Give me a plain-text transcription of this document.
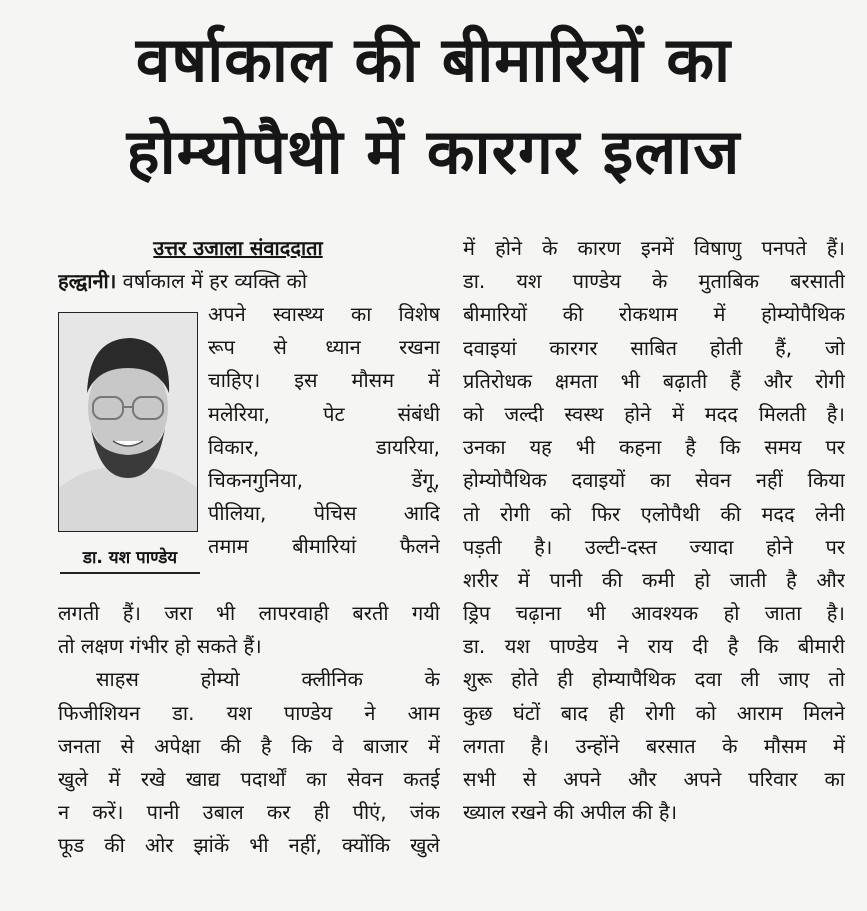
वर्षाकाल की बीमारियों का
होम्योपैथी में कारगर इलाज
उत्तर उजाला संवाददाता
हल्द्वानी। वर्षाकाल में हर व्यक्ति को
डा. यश पाण्डेय
अपने स्वास्थ्य का विशेष
रूप से ध्यान रखना
चाहिए। इस मौसम में
मलेरिया, पेट संबंधी
विकार, डायरिया,
चिकनगुनिया, डेंगू,
पीलिया, पेचिस आदि
तमाम बीमारियां फैलने
लगती हैं। जरा भी लापरवाही बरती गयी
तो लक्षण गंभीर हो सकते हैं।
साहस होम्यो क्लीनिक के
फिजीशियन डा. यश पाण्डेय ने आम
जनता से अपेक्षा की है कि वे बाजार में
खुले में रखे खाद्य पदार्थों का सेवन कतई
न करें। पानी उबाल कर ही पीएं, जंक
फूड की ओर झांकें भी नहीं, क्योंकि खुले
में होने के कारण इनमें विषाणु पनपते हैं।
डा. यश पाण्डेय के मुताबिक बरसाती
बीमारियों की रोकथाम में होम्योपैथिक
दवाइयां कारगर साबित होती हैं, जो
प्रतिरोधक क्षमता भी बढ़ाती हैं और रोगी
को जल्दी स्वस्थ होने में मदद मिलती है।
उनका यह भी कहना है कि समय पर
होम्योपैथिक दवाइयों का सेवन नहीं किया
तो रोगी को फिर एलोपैथी की मदद लेनी
पड़ती है। उल्टी-दस्त ज्यादा होने पर
शरीर में पानी की कमी हो जाती है और
ड्रिप चढ़ाना भी आवश्यक हो जाता है।
डा. यश पाण्डेय ने राय दी है कि बीमारी
शुरू होते ही होम्यापैथिक दवा ली जाए तो
कुछ घंटों बाद ही रोगी को आराम मिलने
लगता है। उन्होंने बरसात के मौसम में
सभी से अपने और अपने परिवार का
ख्याल रखने की अपील की है।
